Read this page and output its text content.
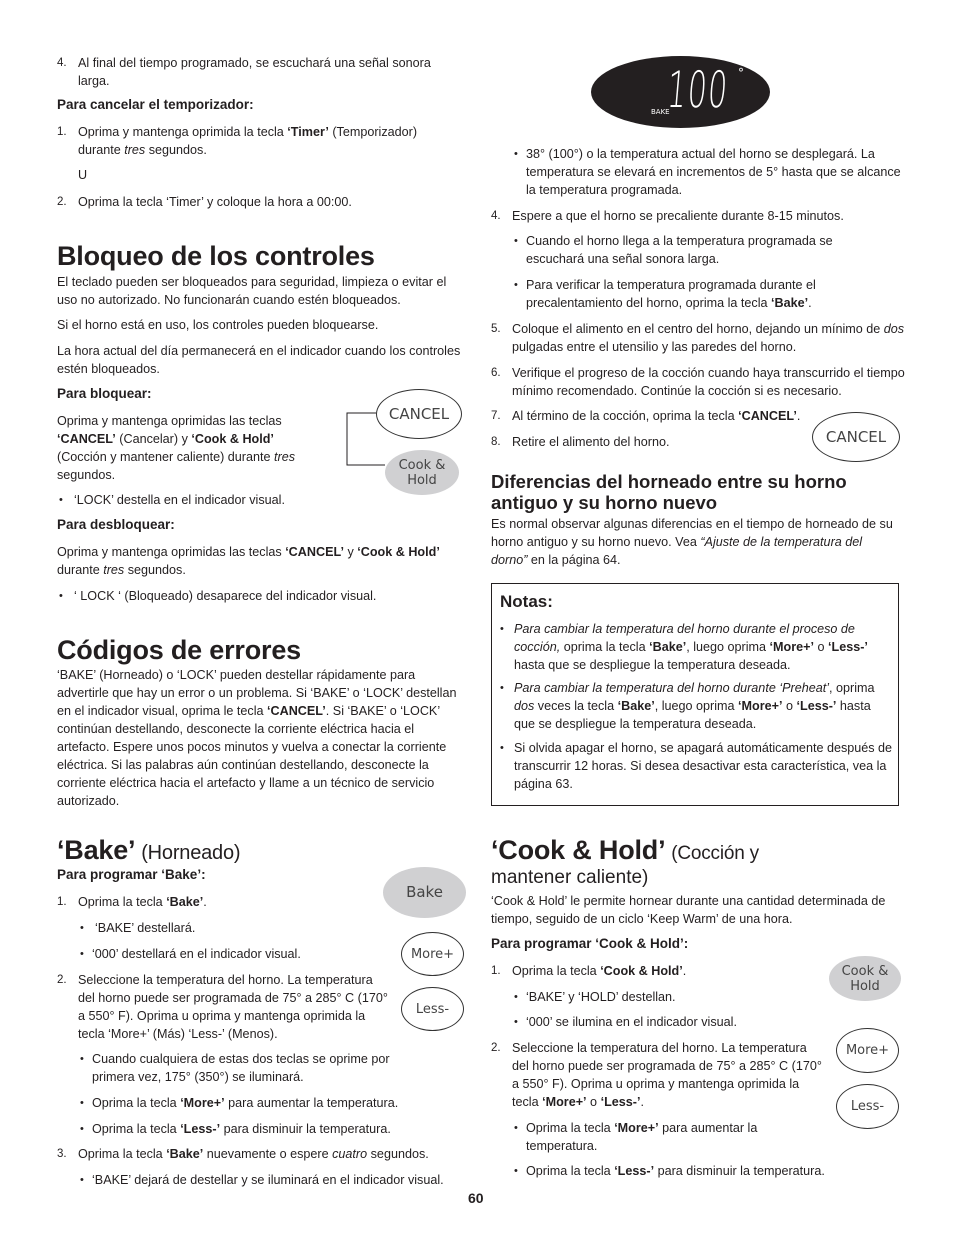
4. Al final del tiempo programado, se escuchará una señal sonora larga.

Para cancelar el temporizador:

1. Oprima y mantenga oprimida la tecla ‘Timer’ (Temporizador) durante tres segundos.

U

2. Oprima la tecla ‘Timer’ y coloque la hora a 00:00.

Bloqueo de los controles

El teclado pueden ser bloqueados para seguridad, limpieza o evitar el uso no autorizado. No funcionarán cuando estén bloqueados.

Si el horno está en uso, los controles pueden bloquearse.

La hora actual del día permanecerá en el indicador cuando los controles estén bloqueados.

Para bloquear:

Oprima y mantenga oprimidas las teclas
‘CANCEL’ (Cancelar) y ‘Cook & Hold’
(Cocción y mantener caliente) durante tres
segundos.

• ‘LOCK’ destella en el indicador visual.

CANCEL
Cook &
Hold

Para desbloquear:

Oprima y mantenga oprimidas las teclas ‘CANCEL’ y ‘Cook & Hold’
durante tres segundos.

• ‘ LOCK ‘ (Bloqueado) desaparece del indicador visual.

Códigos de errores

‘BAKE’ (Horneado) o ‘LOCK’ pueden destellar rápidamente para advertirle que hay un error o un problema. Si ‘BAKE’ o ‘LOCK’ destellan en el indicador visual, oprima le tecla ‘CANCEL’. Si ‘BAKE’ o ‘LOCK’ continúan destellando, desconecte la corriente eléctrica hacia el artefacto. Espere unos pocos minutos y vuelva a conectar la corriente eléctrica. Si las palabras aún continúan destellando, desconecte la corriente eléctrica hacia el artefacto y llame a un técnico de servicio autorizado.

‘Bake’ (Horneado)

Para programar ‘Bake’:

1. Oprima la tecla ‘Bake’.

• ‘BAKE’ destellará.

• ‘000’ destellará en el indicador visual.

2. Seleccione la temperatura del horno. La temperatura del horno puede ser programada de 75° a 285° C (170° a 550° F). Oprima u oprima y mantenga oprimida la tecla ‘More+’ (Más) ‘Less-’ (Menos).

• Cuando cualquiera de estas dos teclas se oprime por primera vez, 175° (350°) se iluminará.

• Oprima la tecla ‘More+’ para aumentar la temperatura.

• Oprima la tecla ‘Less-’ para disminuir la temperatura.

3. Oprima la tecla ‘Bake’ nuevamente o espere cuatro segundos.

• ‘BAKE’ dejará de destellar y se iluminará en el indicador visual.

Bake
More+
Less-
100 °
BAKE
• 38° (100°) o la temperatura actual del horno se desplegará. La temperatura se elevará en incrementos de 5° hasta que se alcance la temperatura programada.

4. Espere a que el horno se precaliente durante 8-15 minutos.

• Cuando el horno llega a la temperatura programada se escuchará una señal sonora larga.

• Para verificar la temperatura programada durante el precalentamiento del horno, oprima la tecla ‘Bake’.

5. Coloque el alimento en el centro del horno, dejando un mínimo de dos pulgadas entre el utensilio y las paredes del horno.

6. Verifique el progreso de la cocción cuando haya transcurrido el tiempo mínimo recomendado. Continúe la cocción si es necesario.

7. Al término de la cocción, oprima la tecla ‘CANCEL’.

8. Retire el alimento del horno.	CANCEL
Diferencias del horneado entre su horno antiguo y su horno nuevo

Es normal observar algunas diferencias en el tiempo de horneado de su horno antiguo y su horno nuevo. Vea “Ajuste de la temperatura del dorno” en la página 64.

Notas:

• Para cambiar la temperatura del horno durante el proceso de cocción, oprima la tecla ‘Bake’, luego oprima ‘More+’ o ‘Less-’ hasta que se despliegue la temperatura deseada.

• Para cambiar la temperatura del horno durante ‘Preheat’, oprima dos veces la tecla ‘Bake’, luego oprima ‘More+’ o ‘Less-’ hasta que se despliegue la temperatura deseada.

• Si olvida apagar el horno, se apagará automáticamente después de transcurrir 12 horas. Si desea desactivar esta característica, vea la página 63.

‘Cook & Hold’ (Cocción y

mantener caliente)

‘Cook & Hold’ le permite hornear durante una cantidad determinada de tiempo, seguido de un ciclo ‘Keep Warm’ de una hora.

Para programar ‘Cook & Hold’:

1. Oprima la tecla ‘Cook & Hold’.

• ‘BAKE’ y ‘HOLD’ destellan.

• ‘000’ se ilumina en el indicador visual.

2. Seleccione la temperatura del horno. La temperatura del horno puede ser programada de 75° a 285° C (170° a 550° F). Oprima u oprima y mantenga oprimida la tecla ‘More+’ o ‘Less-’.

• Oprima la tecla ‘More+’ para aumentar la temperatura.

• Oprima la tecla ‘Less-’ para disminuir la temperatura.

Cook &
Hold
More+
Less-

60
